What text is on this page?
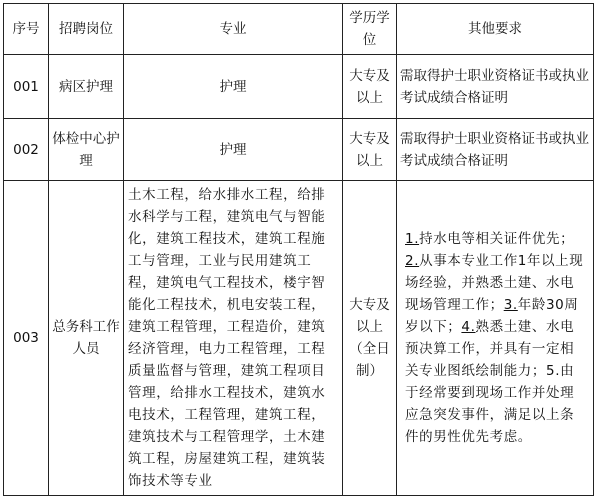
序号	招聘岗位	专业	学历学位	其他要求
001	病区护理	护理	大专及以上	需取得护士职业资格证书或执业考试成绩合格证明
002	体检中心护理	护理	大专及以上	需取得护士职业资格证书或执业考试成绩合格证明
003	总务科工作人员	土木工程，给水排水工程，给排水科学与工程，建筑电气与智能化，建筑工程技术，建筑工程施工与管理，工业与民用建筑工程，建筑电气工程技术，楼宇智能化工程技术，机电安装工程，建筑工程管理，工程造价，建筑经济管理，电力工程管理，工程质量监督与管理，建筑工程项目管理，给排水工程技术，建筑水电技术，工程管理，建筑工程，建筑技术与工程管理学，土木建筑工程，房屋建筑工程，建筑装饰技术等专业	大专及以上（全日制）	1.持水电等相关证件优先；2.从事本专业工作1年以上现场经验，并熟悉土建、水电现场管理工作；3.年龄30周岁以下；4.熟悉土建、水电预决算工作，并具有一定相关专业图纸绘制能力；5.由于经常要到现场工作并处理应急突发事件，满足以上条件的男性优先考虑。
